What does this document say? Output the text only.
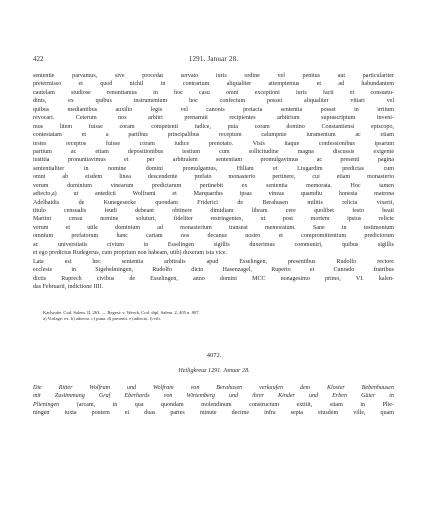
422	1291. Januar 28.
sententie parvamus, sive procedat servato iuris ordine vel penitus aut particulariter
pretermisso et quod nichil in contrarium aliqualiter attemptemus et ad habundantem
cautelam studiose renuntiamus in hoc casu omni exceptioni iuris facti et consuetu-
dinis, ex quibus instrumentum hoc confectum posset aliqualiter vitiari vel
quibus mediantibus auxilio legis vel canonis pretacta sententia posset in irritum
revocari. Ceterum nos arbitri prenarrati recipientes arbitrium suprascriptum inveni-
mus litem fuisse coram competenti iudice, puta coram domino Constantiensi episcopo,
contestatam et a partibus principalibus receptum calumpnie iuramentum ac etiam
testes receptos fuisse coram iudice prenotato. Visis itaque confessionibus ipsarum
partium ac etiam depositionibus testium cum sollicitudine magna discussis exigente
iustitia pronuntiavimus et per arbitralem sententiam promulgavimus ac presenti pagina
sententialiter in nomine domini promulgamus, Hillam et Liugardim predictas cum
omni ab eisdem linea descendente prefato monasterio pertinere, cui etiam monasterio
verum dominium vinearum predictarum pertinebit ex sententia memorata. Hoc tamen
adiecto,a) ut antedicti Wolframi et Marquardus ipsas vineas quamdiu honesta matrona
Adelhaidis de Kunegesecke quondam Friderici de Berahusen militis relicta vixerit,
titulo censualis feudi debeant obtinere dimidiam libram cere quolibet festo beati
Martini censu nomine soluturi, fideliter restringentes, ut post mortem ipsius relicte
verum et utile dominium ad monasterium transeat memoratum. Sane in testimonium
omnium prefatorum hanc cartam nos decanus nostro et compromittentium predictorum
ac universitatis civium in Esselingen sigillis duxerimus communiri, quibus sigillis
et ego predictus Rudegerus, cum proprium non habeam, utib) duxeram ista vice.
Lata est hec sententia arbitralis apud Esselingen, presentibus Rudolfo rectore
ecclesie in Sigehelmingen, Rudolfo dicto Hasenzagel, Ruperto et Cunrado fratribus
dictis Ruprech civibus de Esselingen, anno domini MCC nonagesimo primo, VI. kalen-
das Februarii, indictione IIII.
Karlsruhe. Cod. Salem. II, 263. — Regest: v. Weech, Cod. dipl. Salem. 2, 405 n. 807.
a) Vorlage: ex. b) adiecto. c) puna. d) presenti. e) adiecto. f) vili.
4072.
Heiligkreuz 1291. Januar 28.
Die Ritter Wolfram und Wolfram von Berahusen verkaufen dem Kloster Bebenhausen
mit Zustimmung Graf Eberhards von Wirtemberg und ihrer Kinder und Erben Güter in
Plieningen	(arcam, in qua quondam molendinum constructum extitit, sitam in Plie-
ningen iuxta pontem et duas partes minute decime infra septa eiusdem ville, quam
